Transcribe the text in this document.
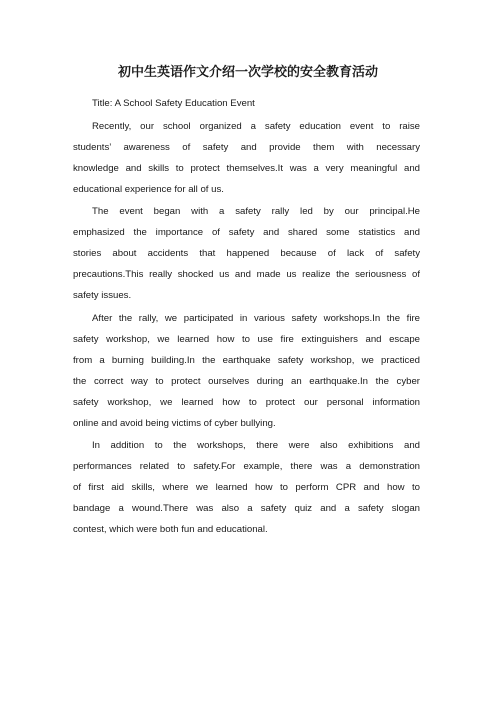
初中生英语作文介绍一次学校的安全教育活动
Title: A School Safety Education Event
Recently, our school organized a safety education event to raise
students’ awareness of safety and provide them with necessary
knowledge and skills to protect themselves.It was a very meaningful and
educational experience for all of us.
The event began with a safety rally led by our principal.He
emphasized the importance of safety and shared some statistics and
stories about accidents that happened because of lack of safety
precautions.This really shocked us and made us realize the seriousness of
safety issues.
After the rally, we participated in various safety workshops.In the fire
safety workshop, we learned how to use fire extinguishers and escape
from a burning building.In the earthquake safety workshop, we practiced
the correct way to protect ourselves during an earthquake.In the cyber
safety workshop, we learned how to protect our personal information
online and avoid being victims of cyber bullying.
In addition to the workshops, there were also exhibitions and
performances related to safety.For example, there was a demonstration
of first aid skills, where we learned how to perform CPR and how to
bandage a wound.There was also a safety quiz and a safety slogan
contest, which were both fun and educational.
